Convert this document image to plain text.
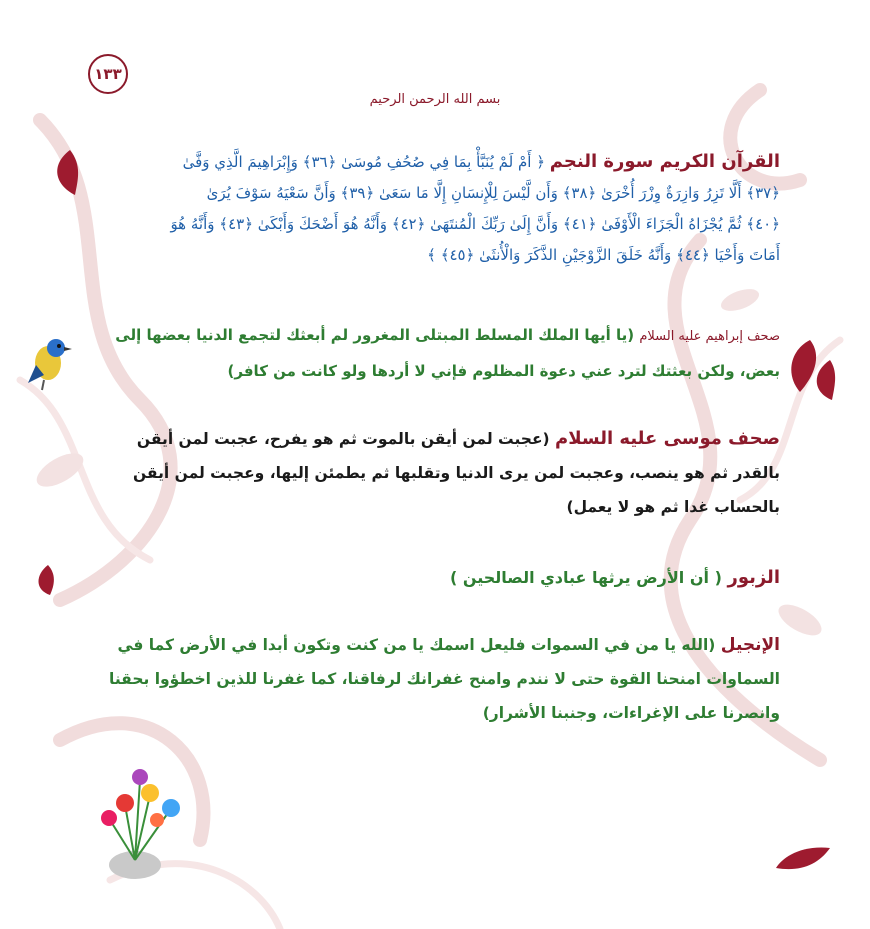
١٣٣
بسم الله الرحمن الرحيم
القرآن الكريم سورة النجم ﴿ أَمْ لَمْ يُنَبَّأْ بِمَا فِي صُحُفِ مُوسَىٰ ﴿٣٦﴾ وَإِبْرَاهِيمَ الَّذِي وَفَّىٰ ﴿٣٧﴾ أَلَّا تَزِرُ وَازِرَةٌ وِزْرَ أُخْرَىٰ ﴿٣٨﴾ وَأَن لَّيْسَ لِلْإِنسَانِ إِلَّا مَا سَعَىٰ ﴿٣٩﴾ وَأَنَّ سَعْيَهُ سَوْفَ يُرَىٰ ﴿٤٠﴾ ثُمَّ يُجْزَاهُ الْجَزَاءَ الْأَوْفَىٰ ﴿٤١﴾ وَأَنَّ إِلَىٰ رَبِّكَ الْمُنتَهَىٰ ﴿٤٢﴾ وَأَنَّهُ هُوَ أَضْحَكَ وَأَبْكَىٰ ﴿٤٣﴾ وَأَنَّهُ هُوَ أَمَاتَ وَأَحْيَا ﴿٤٤﴾ وَأَنَّهُ خَلَقَ الزَّوْجَيْنِ الذَّكَرَ وَالْأُنثَىٰ ﴿٤٥﴾ ﴾
صحف إبراهيم عليه السلام (يا أيها الملك المسلط المبتلى المغرور لم أبعثك لتجمع الدنيا بعضها إلى بعض، ولكن بعثتك لترد عني دعوة المظلوم فإني لا أردها ولو كانت من كافر)
صحف موسى عليه السلام (عجبت لمن أيقن بالموت ثم هو يفرح، عجبت لمن أيقن بالقدر ثم هو ينصب، وعجبت لمن يرى الدنيا وتقلبها ثم يطمئن إليها، وعجبت لمن أيقن بالحساب غدا ثم هو لا يعمل)
الزبور ( أن الأرض يرثها عبادي الصالحين )
الإنجيل (الله يا من في السموات فليعل اسمك يا من كنت وتكون أبدا في الأرض كما في السماوات امنحنا القوة حتى لا نندم وامنح غفرانك لرفاقنا، كما غفرنا للذين اخطؤوا بحقنا وانصرنا على الإغراءات، وجنبنا الأشرار)
